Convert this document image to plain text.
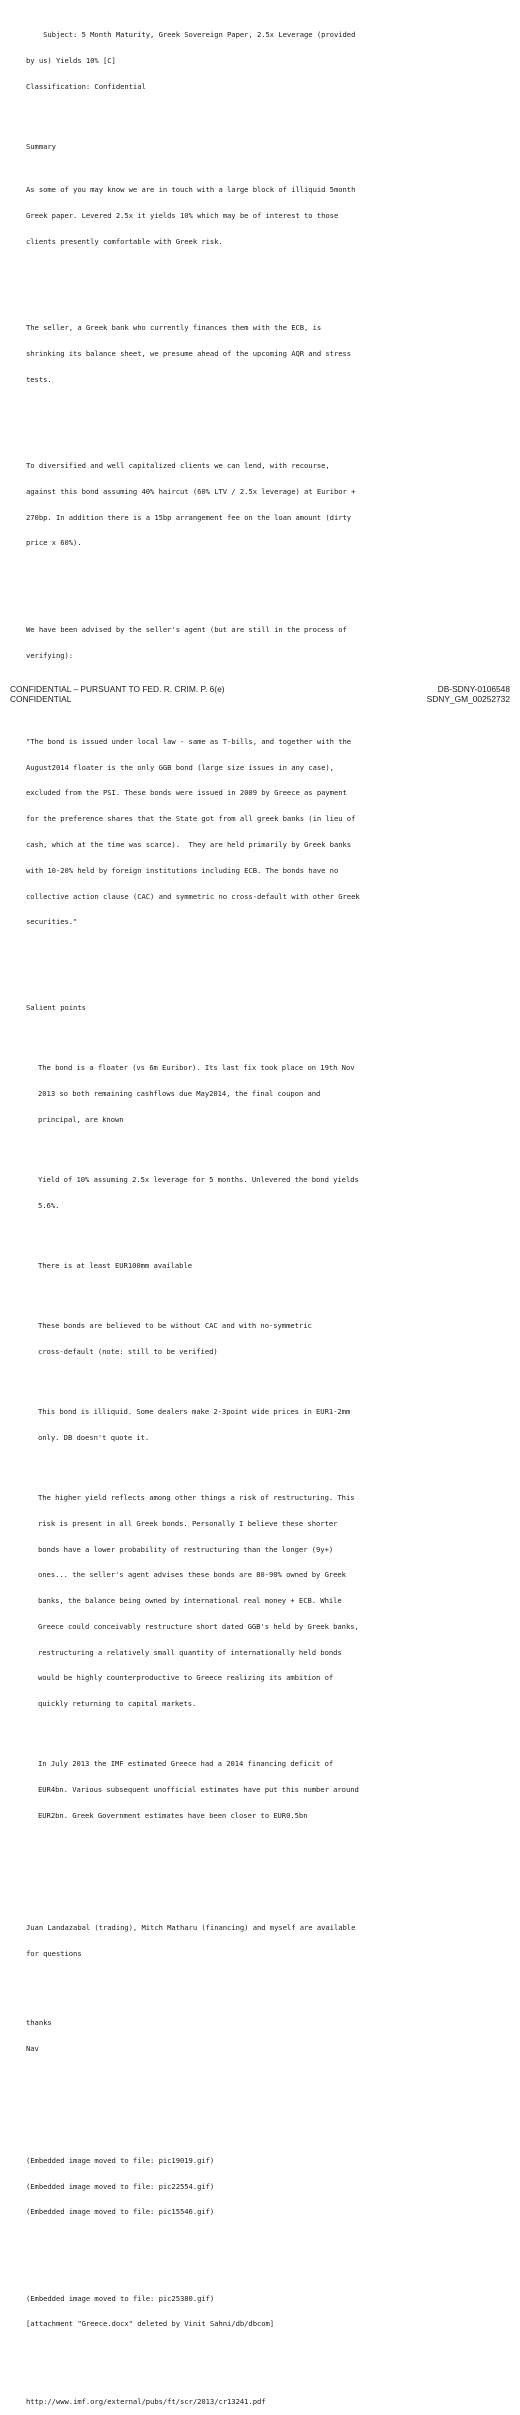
Subject: 5 Month Maturity, Greek Sovereign Paper, 2.5x Leverage (provided

by us) Yields 10% [C]

Classification: Confidential

Summary

As some of you may know we are in touch with a large block of illiquid 5month

Greek paper. Levered 2.5x it yields 10% which may be of interest to those

clients presently comfortable with Greek risk.

The seller, a Greek bank who currently finances them with the ECB, is

shrinking its balance sheet, we presume ahead of the upcoming AQR and stress

tests.

To diversified and well capitalized clients we can lend, with recourse,

against this bond assuming 40% haircut (60% LTV / 2.5x leverage) at Euribor +

270bp. In addition there is a 15bp arrangement fee on the loan amount (dirty

price x 60%).

We have been advised by the seller's agent (but are still in the process of

verifying):

"The bond is issued under local law - same as T-bills, and together with the

August2014 floater is the only GGB bond (large size issues in any case),

excluded from the PSI. These bonds were issued in 2009 by Greece as payment

for the preference shares that the State got from all greek banks (in lieu of

cash, which at the time was scarce).  They are held primarily by Greek banks

with 10-20% held by foreign institutions including ECB. The bonds have no

collective action clause (CAC) and symmetric no cross-default with other Greek

securities."

Salient points

The bond is a floater (vs 6m Euribor). Its last fix took place on 19th Nov

2013 so both remaining cashflows due May2014, the final coupon and

principal, are known

Yield of 10% assuming 2.5x leverage for 5 months. Unlevered the bond yields

5.6%.

There is at least EUR100mm available

These bonds are believed to be without CAC and with no-symmetric

cross-default (note: still to be verified)

This bond is illiquid. Some dealers make 2-3point wide prices in EUR1-2mm

only. DB doesn't quote it.

The higher yield reflects among other things a risk of restructuring. This

risk is present in all Greek bonds. Personally I believe these shorter

bonds have a lower probability of restructuring than the longer (9y+)

ones... the seller's agent advises these bonds are 80-90% owned by Greek

banks, the balance being owned by international real money + ECB. While

Greece could conceivably restructure short dated GGB's held by Greek banks,

restructuring a relatively small quantity of internationally held bonds

would be highly counterproductive to Greece realizing its ambition of

quickly returning to capital markets.

In July 2013 the IMF estimated Greece had a 2014 financing deficit of

EUR4bn. Various subsequent unofficial estimates have put this number around

EUR2bn. Greek Government estimates have been closer to EUR0.5bn

Juan Landazabal (trading), Mitch Matharu (financing) and myself are available

for questions

thanks

Nav

(Embedded image moved to file: pic19019.gif)

(Embedded image moved to file: pic22554.gif)

(Embedded image moved to file: pic15546.gif)

(Embedded image moved to file: pic25380.gif)

[attachment "Greece.docx" deleted by Vinit Sahni/db/dbcom]

http://www.imf.org/external/pubs/ft/scr/2013/cr13241.pdf

CONFIDENTIAL – PURSUANT TO FED. R. CRIM. P. 6(e)	DB-SDNY-0106548
CONFIDENTIAL	SDNY_GM_00252732
